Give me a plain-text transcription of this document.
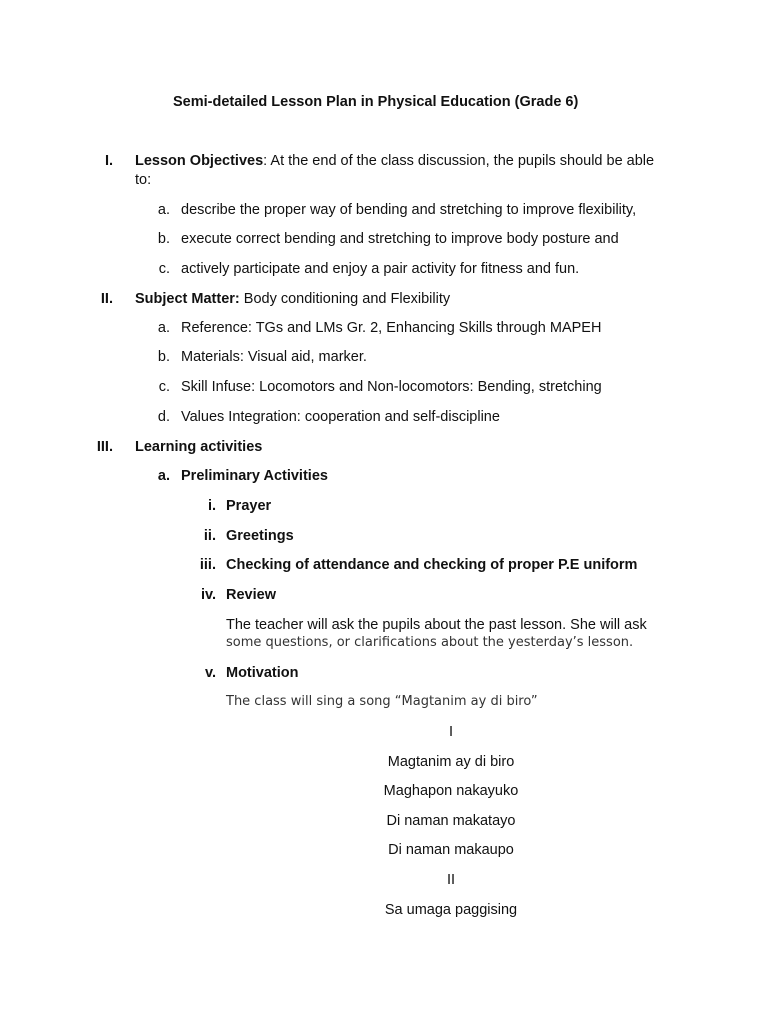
Semi-detailed Lesson Plan in Physical Education (Grade 6)
I. Lesson Objectives: At the end of the class discussion, the pupils should be able
to:
a. describe the proper way of bending and stretching to improve flexibility,
b. execute correct bending and stretching to improve body posture and
c. actively participate and enjoy a pair activity for fitness and fun.
II. Subject Matter: Body conditioning and Flexibility
a. Reference: TGs and LMs Gr. 2, Enhancing Skills through MAPEH
b. Materials: Visual aid, marker.
c. Skill Infuse: Locomotors and Non-locomotors: Bending, stretching
d. Values Integration: cooperation and self-discipline
III. Learning activities
a. Preliminary Activities
i. Prayer
ii. Greetings
iii. Checking of attendance and checking of proper P.E uniform
iv. Review
The teacher will ask the pupils about the past lesson. She will ask
some questions, or clarifications about the yesterday’s lesson.
v. Motivation
The class will sing a song “Magtanim ay di biro”
I
Magtanim ay di biro
Maghapon nakayuko
Di naman makatayo
Di naman makaupo
II
Sa umaga paggising
